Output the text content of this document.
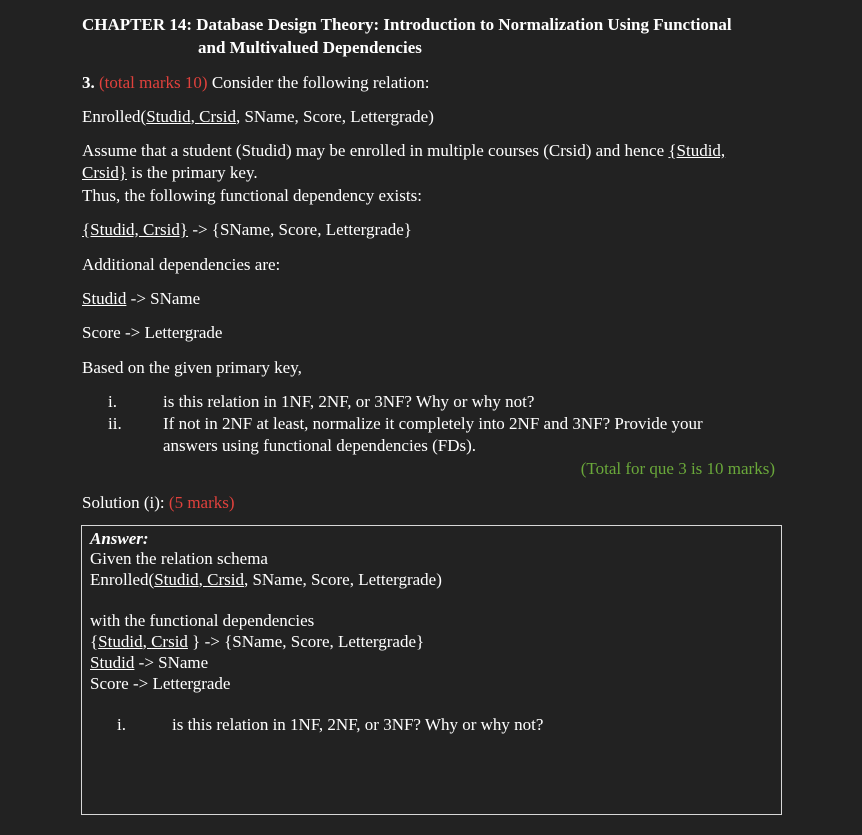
CHAPTER 14: Database Design Theory: Introduction to Normalization Using Functional
and Multivalued Dependencies
3. (total marks 10) Consider the following relation:
Enrolled(Studid, Crsid, SName, Score, Lettergrade)
Assume that a student (Studid) may be enrolled in multiple courses (Crsid) and hence {Studid,
Crsid} is the primary key.
Thus, the following functional dependency exists:
{Studid, Crsid} -> {SName, Score, Lettergrade}
Additional dependencies are:
Studid -> SName
Score -> Lettergrade
Based on the given primary key,
i.	is this relation in 1NF, 2NF, or 3NF? Why or why not?
ii. If not in 2NF at least, normalize it completely into 2NF and 3NF? Provide your
answers using functional dependencies (FDs).
(Total for que 3 is 10 marks)
Solution (i): (5 marks)
Answer:
Given the relation schema
Enrolled(Studid, Crsid, SName, Score, Lettergrade)
with the functional dependencies
{Studid, Crsid } -> {SName, Score, Lettergrade}
Studid -> SName
Score -> Lettergrade
i.	is this relation in 1NF, 2NF, or 3NF? Why or why not?
